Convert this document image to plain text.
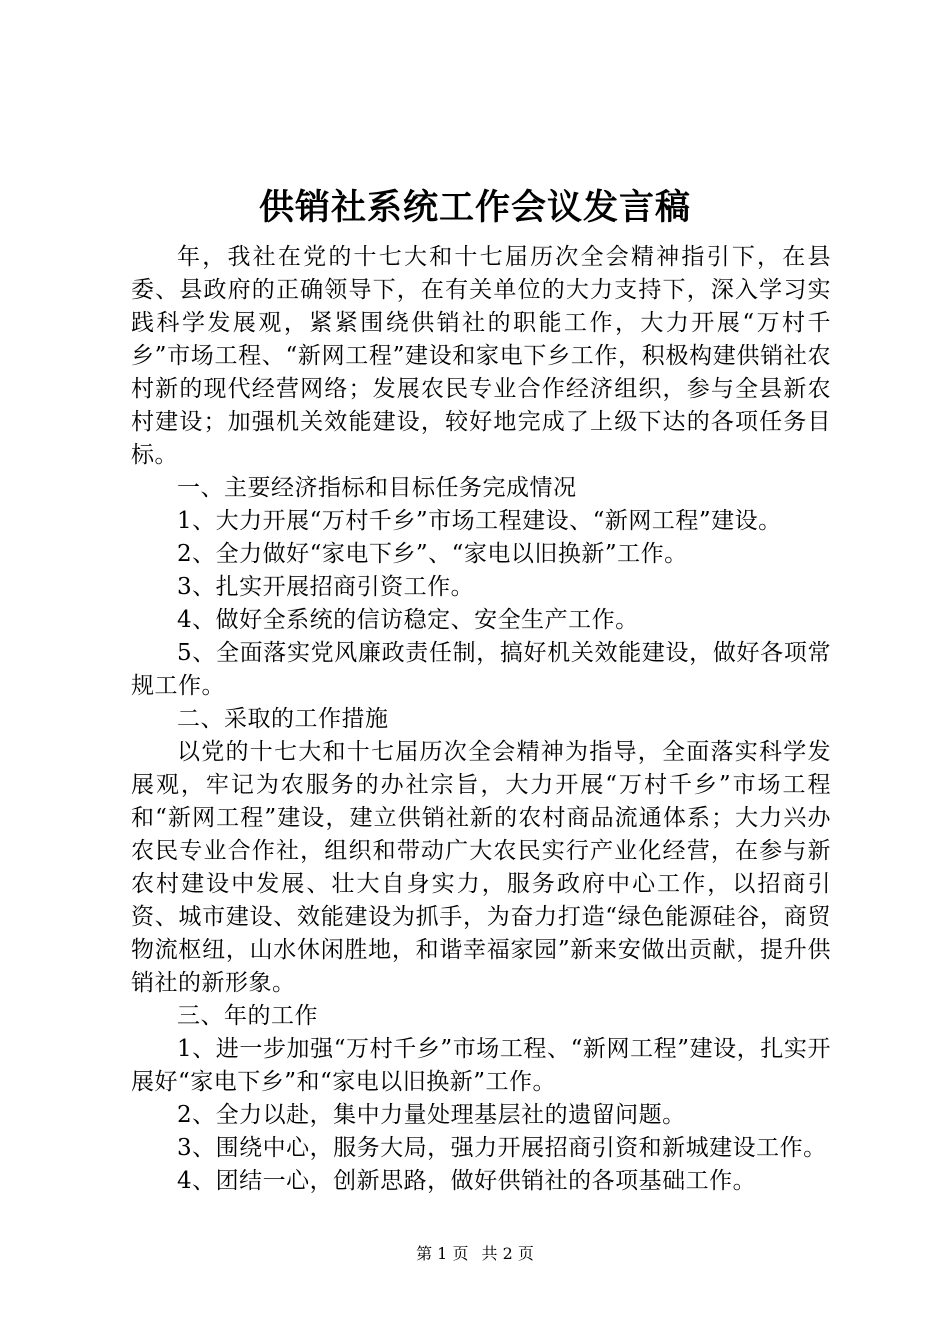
供销社系统工作会议发言稿

年，我社在党的十七大和十七届历次全会精神指引下，在县委、县政府的正确领导下，在有关单位的大力支持下，深入学习实践科学发展观，紧紧围绕供销社的职能工作，大力开展“万村千乡”市场工程、“新网工程”建设和家电下乡工作，积极构建供销社农村新的现代经营网络；发展农民专业合作经济组织，参与全县新农村建设；加强机关效能建设，较好地完成了上级下达的各项任务目标。

一、主要经济指标和目标任务完成情况

1、大力开展“万村千乡”市场工程建设、“新网工程”建设。

2、全力做好“家电下乡”、“家电以旧换新”工作。

3、扎实开展招商引资工作。

4、做好全系统的信访稳定、安全生产工作。

5、全面落实党风廉政责任制，搞好机关效能建设，做好各项常规工作。

二、采取的工作措施

以党的十七大和十七届历次全会精神为指导，全面落实科学发展观，牢记为农服务的办社宗旨，大力开展“万村千乡”市场工程和“新网工程”建设，建立供销社新的农村商品流通体系；大力兴办农民专业合作社，组织和带动广大农民实行产业化经营，在参与新农村建设中发展、壮大自身实力，服务政府中心工作，以招商引资、城市建设、效能建设为抓手，为奋力打造“绿色能源硅谷，商贸物流枢纽，山水休闲胜地，和谐幸福家园”新来安做出贡献，提升供销社的新形象。

三、年的工作

1、进一步加强“万村千乡”市场工程、“新网工程”建设，扎实开展好“家电下乡”和“家电以旧换新”工作。

2、全力以赴，集中力量处理基层社的遗留问题。

3、围绕中心，服务大局，强力开展招商引资和新城建设工作。

4、团结一心，创新思路，做好供销社的各项基础工作。

第 1 页 共 2 页
